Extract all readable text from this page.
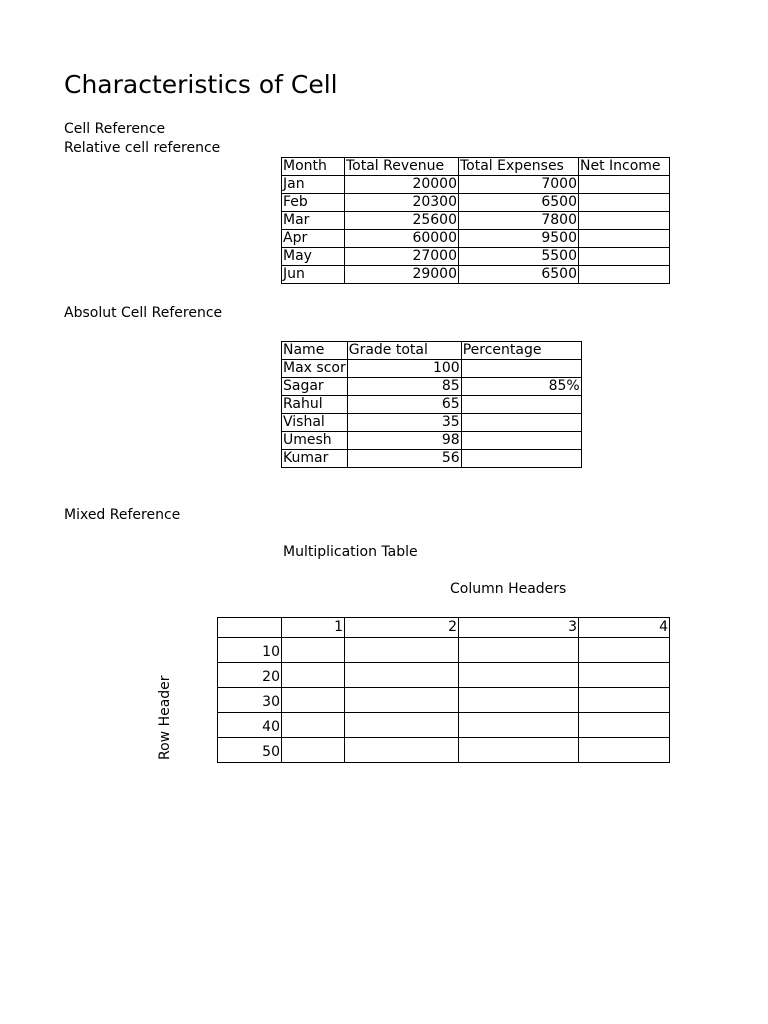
Characteristics of Cell
Cell Reference
Relative cell reference
Month	Total Revenue	Total Expenses	Net Income
Jan	20000	7000	
Feb	20300	6500	
Mar	25600	7800	
Apr	60000	9500	
May	27000	5500	
Jun	29000	6500	
Absolut Cell Reference
Name	Grade total	Percentage
Max scor	100	
Sagar	85	85%
Rahul	65	
Vishal	35	
Umesh	98	
Kumar	56	
Mixed Reference
Multiplication Table
Column Headers
Row Header
	1	2	3	4
10				
20				
30				
40				
50				
